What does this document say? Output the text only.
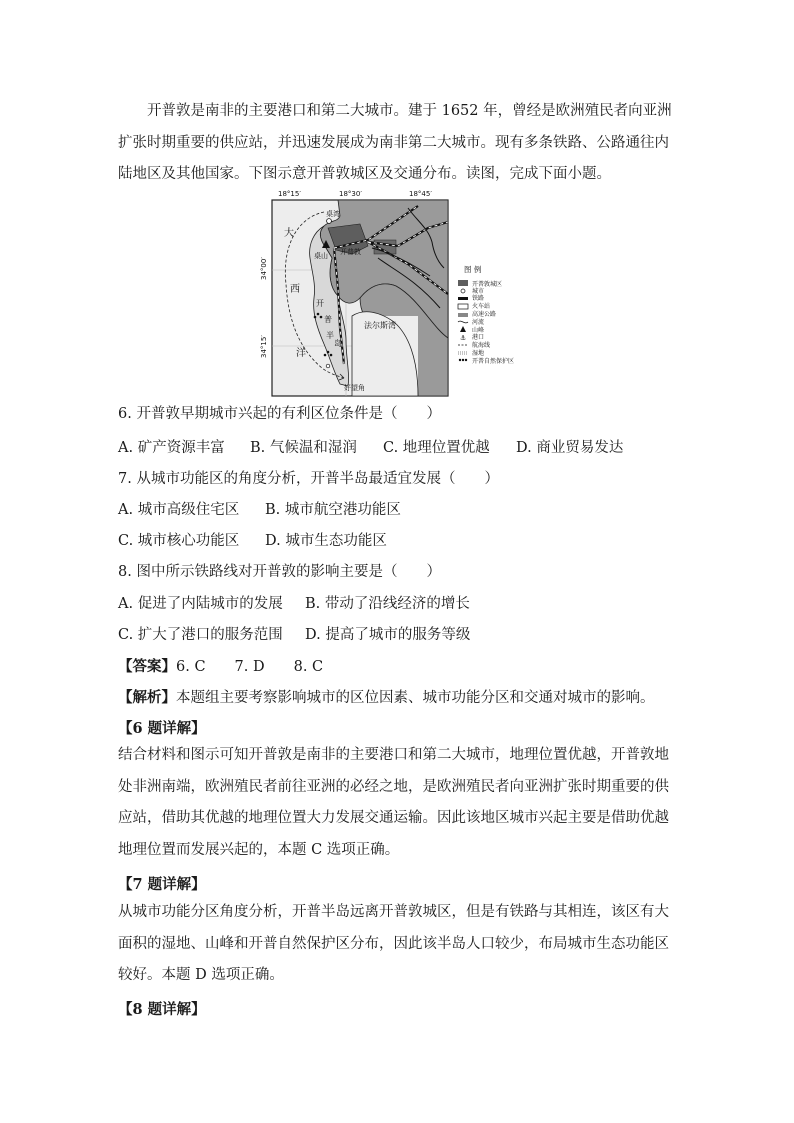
开普敦是南非的主要港口和第二大城市。建于 1652 年，曾经是欧洲殖民者向亚洲扩张时期重要的供应站，并迅速发展成为南非第二大城市。现有多条铁路、公路通往内陆地区及其他国家。下图示意开普敦城区及交通分布。读图，完成下面小题。
18°15′	18°30′	18°45′
34°00′
34°15′
桌湾
桌山 开普敦
法尔斯湾
好望角
大
西
洋
开
普
半
岛
图 例
⚓
开普敦城区
城市
铁路
火车站
高速公路
河流
山峰
港口
航海线
湿地
开普自然保护区
6. 开普敦早期城市兴起的有利区位条件是（　　）
A. 矿产资源丰富 B. 气候温和湿润 C. 地理位置优越 D. 商业贸易发达
7. 从城市功能区的角度分析，开普半岛最适宜发展（　　）
A. 城市高级住宅区 B. 城市航空港功能区
C. 城市核心功能区 D. 城市生态功能区
8. 图中所示铁路线对开普敦的影响主要是（　　）
A. 促进了内陆城市的发展 B. 带动了沿线经济的增长
C. 扩大了港口的服务范围 D. 提高了城市的服务等级
【答案】6. C　　7. D　　8. C
【解析】本题组主要考察影响城市的区位因素、城市功能分区和交通对城市的影响。
【6 题详解】
结合材料和图示可知开普敦是南非的主要港口和第二大城市，地理位置优越，开普敦地处非洲南端，欧洲殖民者前往亚洲的必经之地，是欧洲殖民者向亚洲扩张时期重要的供应站，借助其优越的地理位置大力发展交通运输。因此该地区城市兴起主要是借助优越地理位置而发展兴起的，本题 C 选项正确。
【7 题详解】
从城市功能分区角度分析，开普半岛远离开普敦城区，但是有铁路与其相连，该区有大面积的湿地、山峰和开普自然保护区分布，因此该半岛人口较少，布局城市生态功能区较好。本题 D 选项正确。
【8 题详解】
